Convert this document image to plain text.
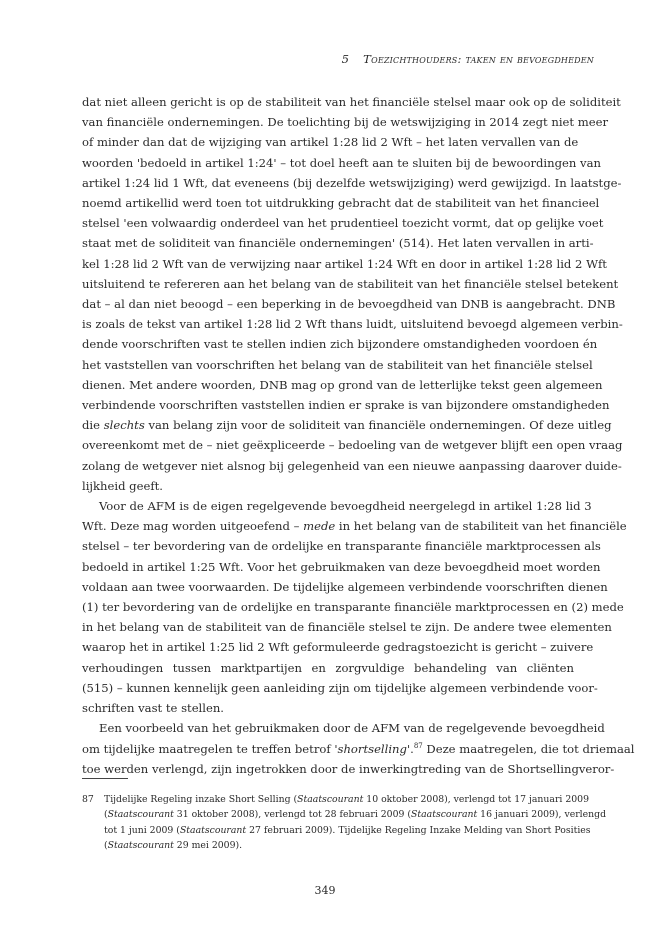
5 Toezichthouders: taken en bevoegdheden

dat niet alleen gericht is op de stabiliteit van het financiële stelsel maar ook op de soliditeit
van financiële ondernemingen. De toelichting bij de wetswijziging in 2014 zegt niet meer
of minder dan dat de wijziging van artikel 1:28 lid 2 Wft – het laten vervallen van de
woorden 'bedoeld in artikel 1:24' – tot doel heeft aan te sluiten bij de bewoordingen van
artikel 1:24 lid 1 Wft, dat eveneens (bij dezelfde wetswijziging) werd gewijzigd. In laatstge-
noemd artikellid werd toen tot uitdrukking gebracht dat de stabiliteit van het financieel
stelsel 'een volwaardig onderdeel van het prudentieel toezicht vormt, dat op gelijke voet
staat met de soliditeit van financiële ondernemingen' (514). Het laten vervallen in arti-
kel 1:28 lid 2 Wft van de verwijzing naar artikel 1:24 Wft en door in artikel 1:28 lid 2 Wft
uitsluitend te refereren aan het belang van de stabiliteit van het financiële stelsel betekent
dat – al dan niet beoogd – een beperking in de bevoegdheid van DNB is aangebracht. DNB
is zoals de tekst van artikel 1:28 lid 2 Wft thans luidt, uitsluitend bevoegd algemeen verbin-
dende voorschriften vast te stellen indien zich bijzondere omstandigheden voordoen én
het vaststellen van voorschriften het belang van de stabiliteit van het financiële stelsel
dienen. Met andere woorden, DNB mag op grond van de letterlijke tekst geen algemeen
verbindende voorschriften vaststellen indien er sprake is van bijzondere omstandigheden
die slechts van belang zijn voor de soliditeit van financiële ondernemingen. Of deze uitleg
overeenkomt met de – niet geëxpliceerde – bedoeling van de wetgever blijft een open vraag
zolang de wetgever niet alsnog bij gelegenheid van een nieuwe aanpassing daarover duide-
lijkheid geeft.

Voor de AFM is de eigen regelgevende bevoegdheid neergelegd in artikel 1:28 lid 3
Wft. Deze mag worden uitgeoefend – mede in het belang van de stabiliteit van het financiële
stelsel – ter bevordering van de ordelijke en transparante financiële marktprocessen als
bedoeld in artikel 1:25 Wft. Voor het gebruikmaken van deze bevoegdheid moet worden
voldaan aan twee voorwaarden. De tijdelijke algemeen verbindende voorschriften dienen
(1) ter bevordering van de ordelijke en transparante financiële marktprocessen en (2) mede
in het belang van de stabiliteit van de financiële stelsel te zijn. De andere twee elementen
waarop het in artikel 1:25 lid 2 Wft geformuleerde gedragstoezicht is gericht – zuivere
verhoudingen tussen marktpartijen en zorgvuldige behandeling van cliënten
(515) – kunnen kennelijk geen aanleiding zijn om tijdelijke algemeen verbindende voor-
schriften vast te stellen.

Een voorbeeld van het gebruikmaken door de AFM van de regelgevende bevoegdheid
om tijdelijke maatregelen te treffen betrof 'shortselling'.$^{87}$ Deze maatregelen, die tot driemaal
toe werden verlengd, zijn ingetrokken door de inwerkingtreding van de Shortsellingveror-

87 Tijdelijke Regeling inzake Short Selling (Staatscourant 10 oktober 2008), verlengd tot 17 januari 2009
(Staatscourant 31 oktober 2008), verlengd tot 28 februari 2009 (Staatscourant 16 januari 2009), verlengd
tot 1 juni 2009 (Staatscourant 27 februari 2009). Tijdelijke Regeling Inzake Melding van Short Posities
(Staatscourant 29 mei 2009).
349
